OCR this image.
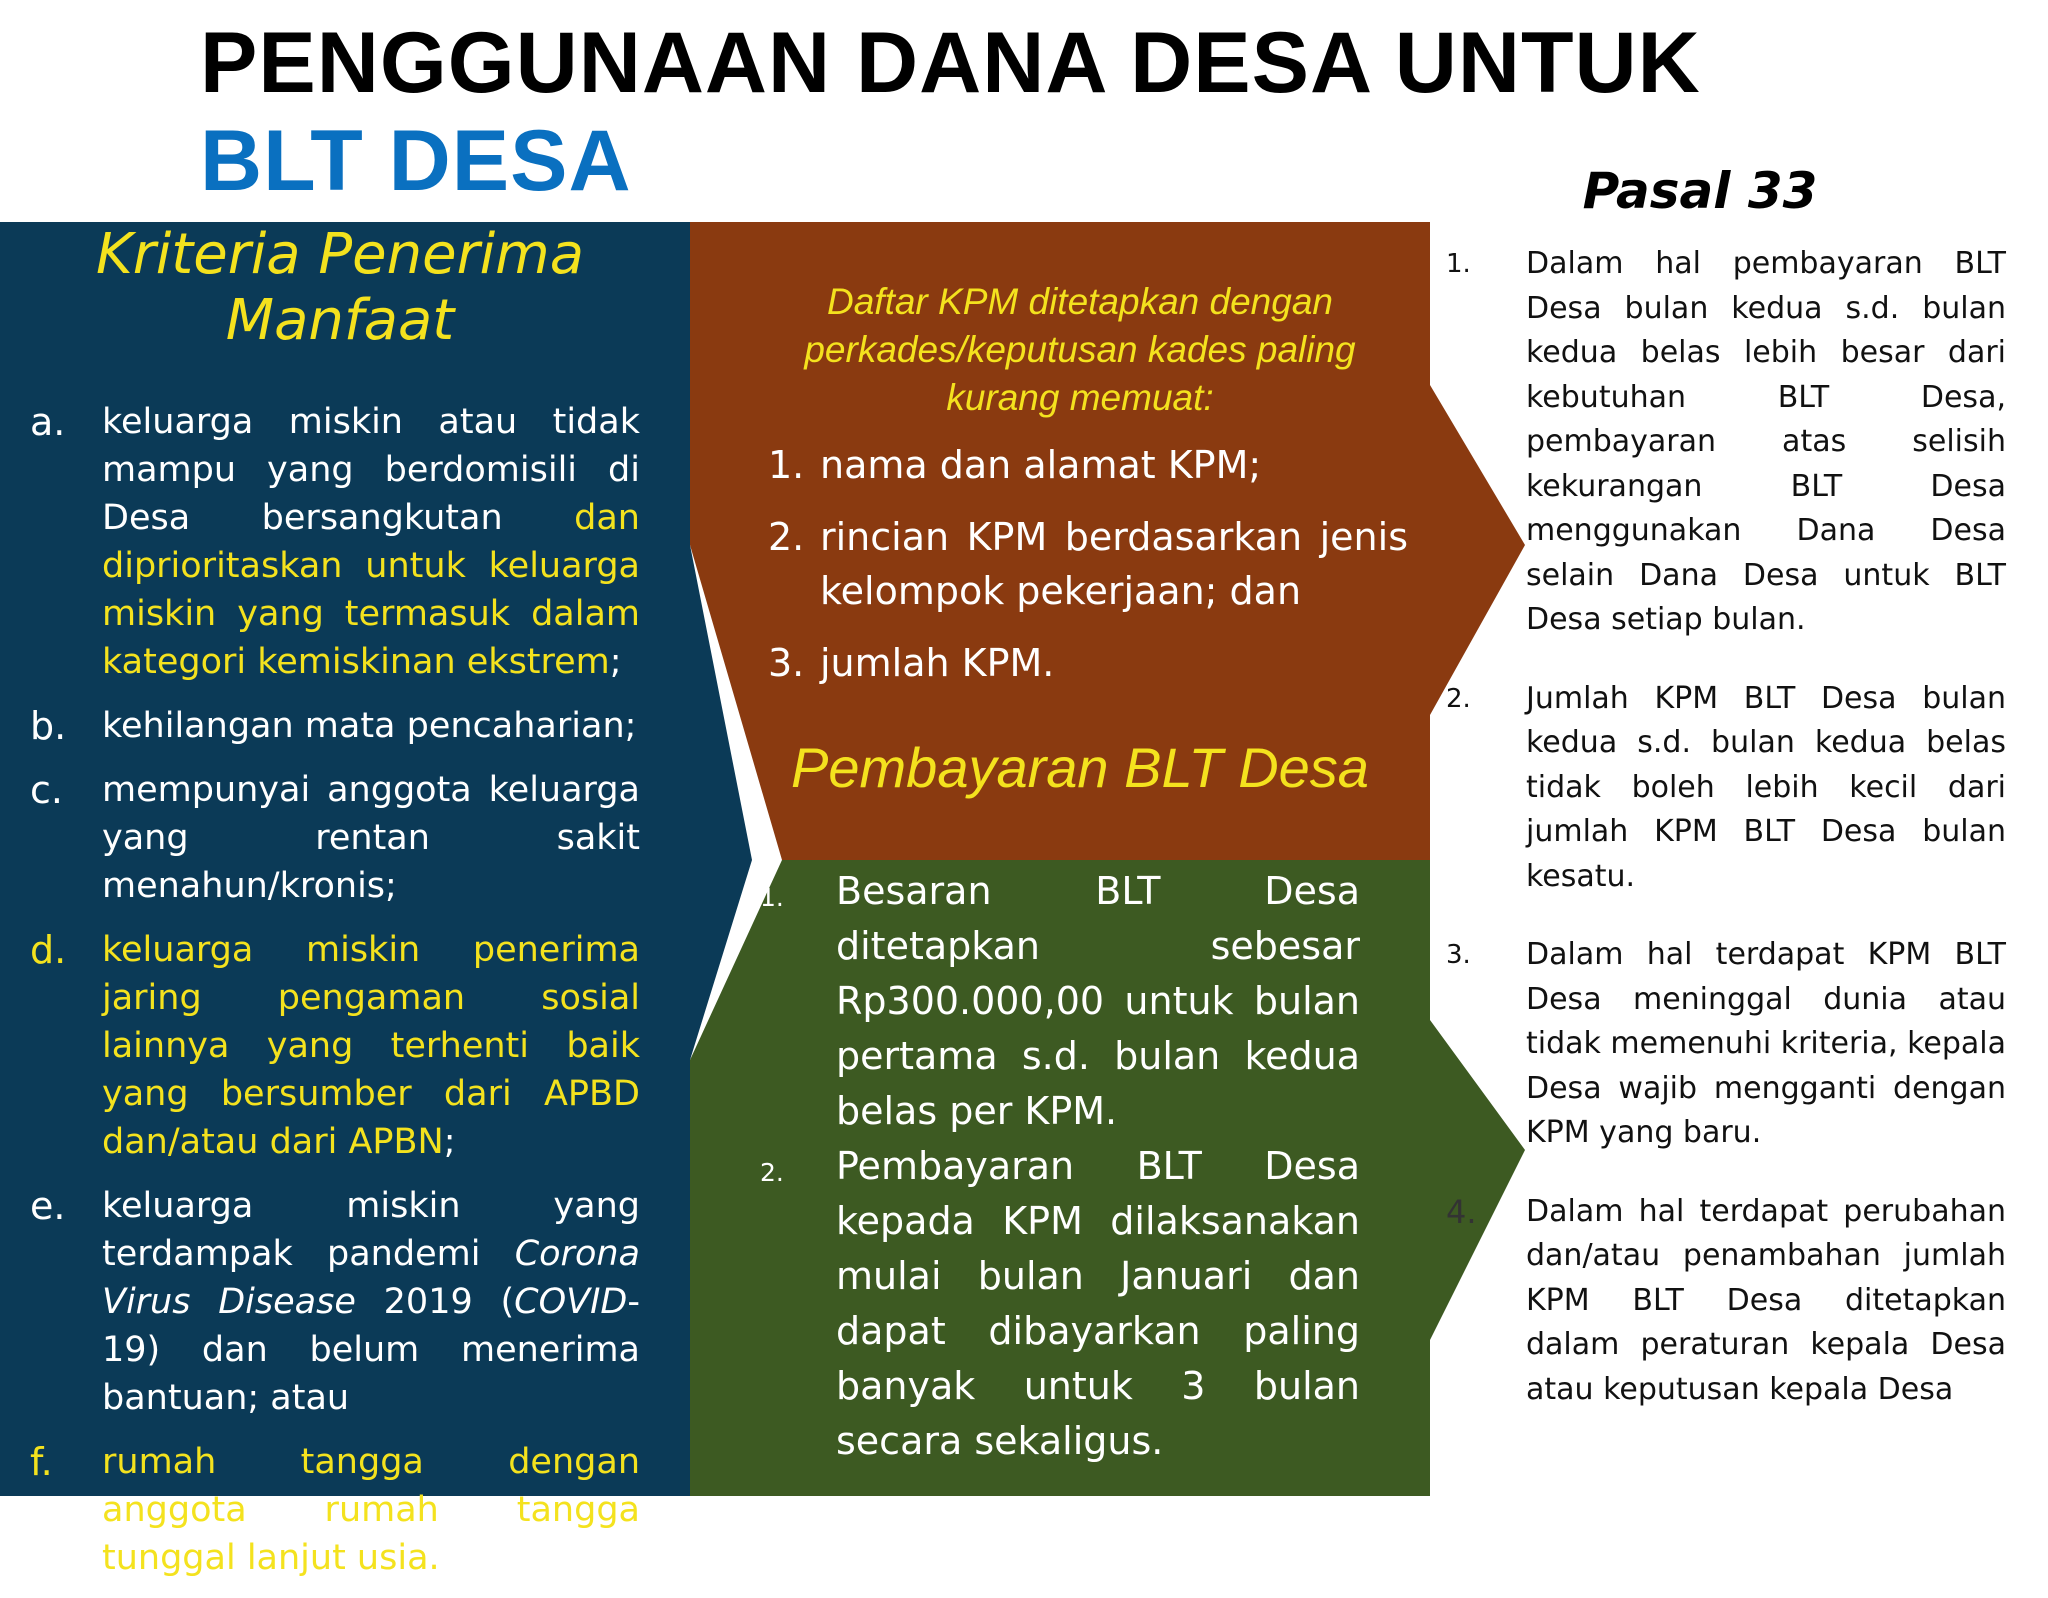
PENGGUNAAN DANA DESA UNTUK BLT DESA	Pasal 33
Kriteria Penerima Manfaat
a.	keluarga miskin atau tidak mampu yang berdomisili di Desa bersangkutan dan diprioritaskan untuk keluarga miskin yang termasuk dalam kategori kemiskinan ekstrem;
b.	kehilangan mata pencaharian;
c.	mempunyai anggota keluarga yang rentan sakit menahun/kronis;
d.	keluarga miskin penerima jaring pengaman sosial lainnya yang terhenti baik yang bersumber dari APBD dan/atau dari APBN;
e.	keluarga miskin yang terdampak pandemi Corona Virus Disease 2019 (COVID-19) dan belum menerima bantuan; atau
f.	rumah tangga dengan anggota rumah tangga tunggal lanjut usia.
Daftar KPM ditetapkan dengan perkades/keputusan kades paling kurang memuat:
1. nama dan alamat KPM;
2. rincian KPM berdasarkan jenis kelompok pekerjaan; dan
3. jumlah KPM.
Pembayaran BLT Desa
1.	Besaran BLT Desa ditetapkan sebesar Rp300.000,00 untuk bulan pertama s.d. bulan kedua belas per KPM.
2.	Pembayaran BLT Desa kepada KPM dilaksanakan mulai bulan Januari dan dapat dibayarkan paling banyak untuk 3 bulan secara sekaligus.
1.	Dalam hal pembayaran BLT Desa bulan kedua s.d. bulan kedua belas lebih besar dari kebutuhan BLT Desa, pembayaran atas selisih kekurangan BLT Desa menggunakan Dana Desa selain Dana Desa untuk BLT Desa setiap bulan.
2.	Jumlah KPM BLT Desa bulan kedua s.d. bulan kedua belas tidak boleh lebih kecil dari jumlah KPM BLT Desa bulan kesatu.
3.	Dalam hal terdapat KPM BLT Desa meninggal dunia atau tidak memenuhi kriteria, kepala Desa wajib mengganti dengan KPM yang baru.
4.	Dalam hal terdapat perubahan dan/atau penambahan jumlah KPM BLT Desa ditetapkan dalam peraturan kepala Desa atau keputusan kepala Desa
